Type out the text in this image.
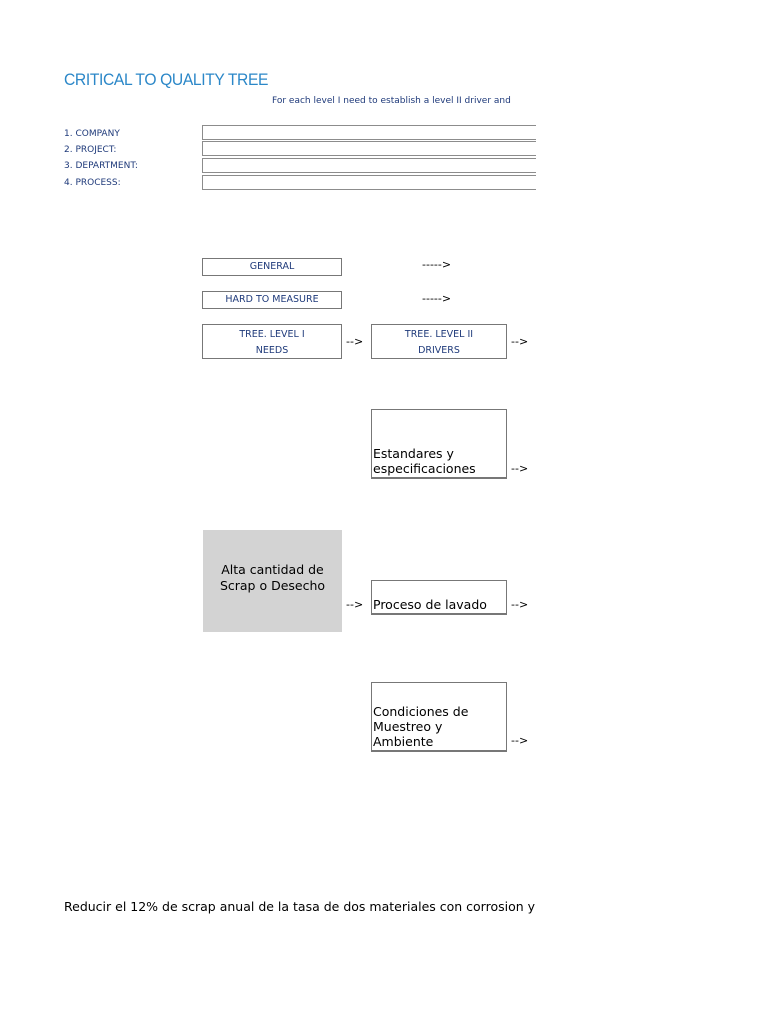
CRITICAL TO QUALITY TREE
For each level I need to establish a level II driver and
1. COMPANY
2. PROJECT:
3. DEPARTMENT:
4. PROCESS:
GENERAL	----->
HARD TO MEASURE	----->
TREE. LEVEL I
NEEDS
-->
TREE. LEVEL II
DRIVERS
-->
Estandares y
especificaciones	-->
Proceso de lavado	-->
Condiciones de
Muestreo y
Ambiente	-->
Alta cantidad de
Scrap o Desecho
-->
Reducir el 12% de scrap anual de la tasa de dos materiales con corrosion y
